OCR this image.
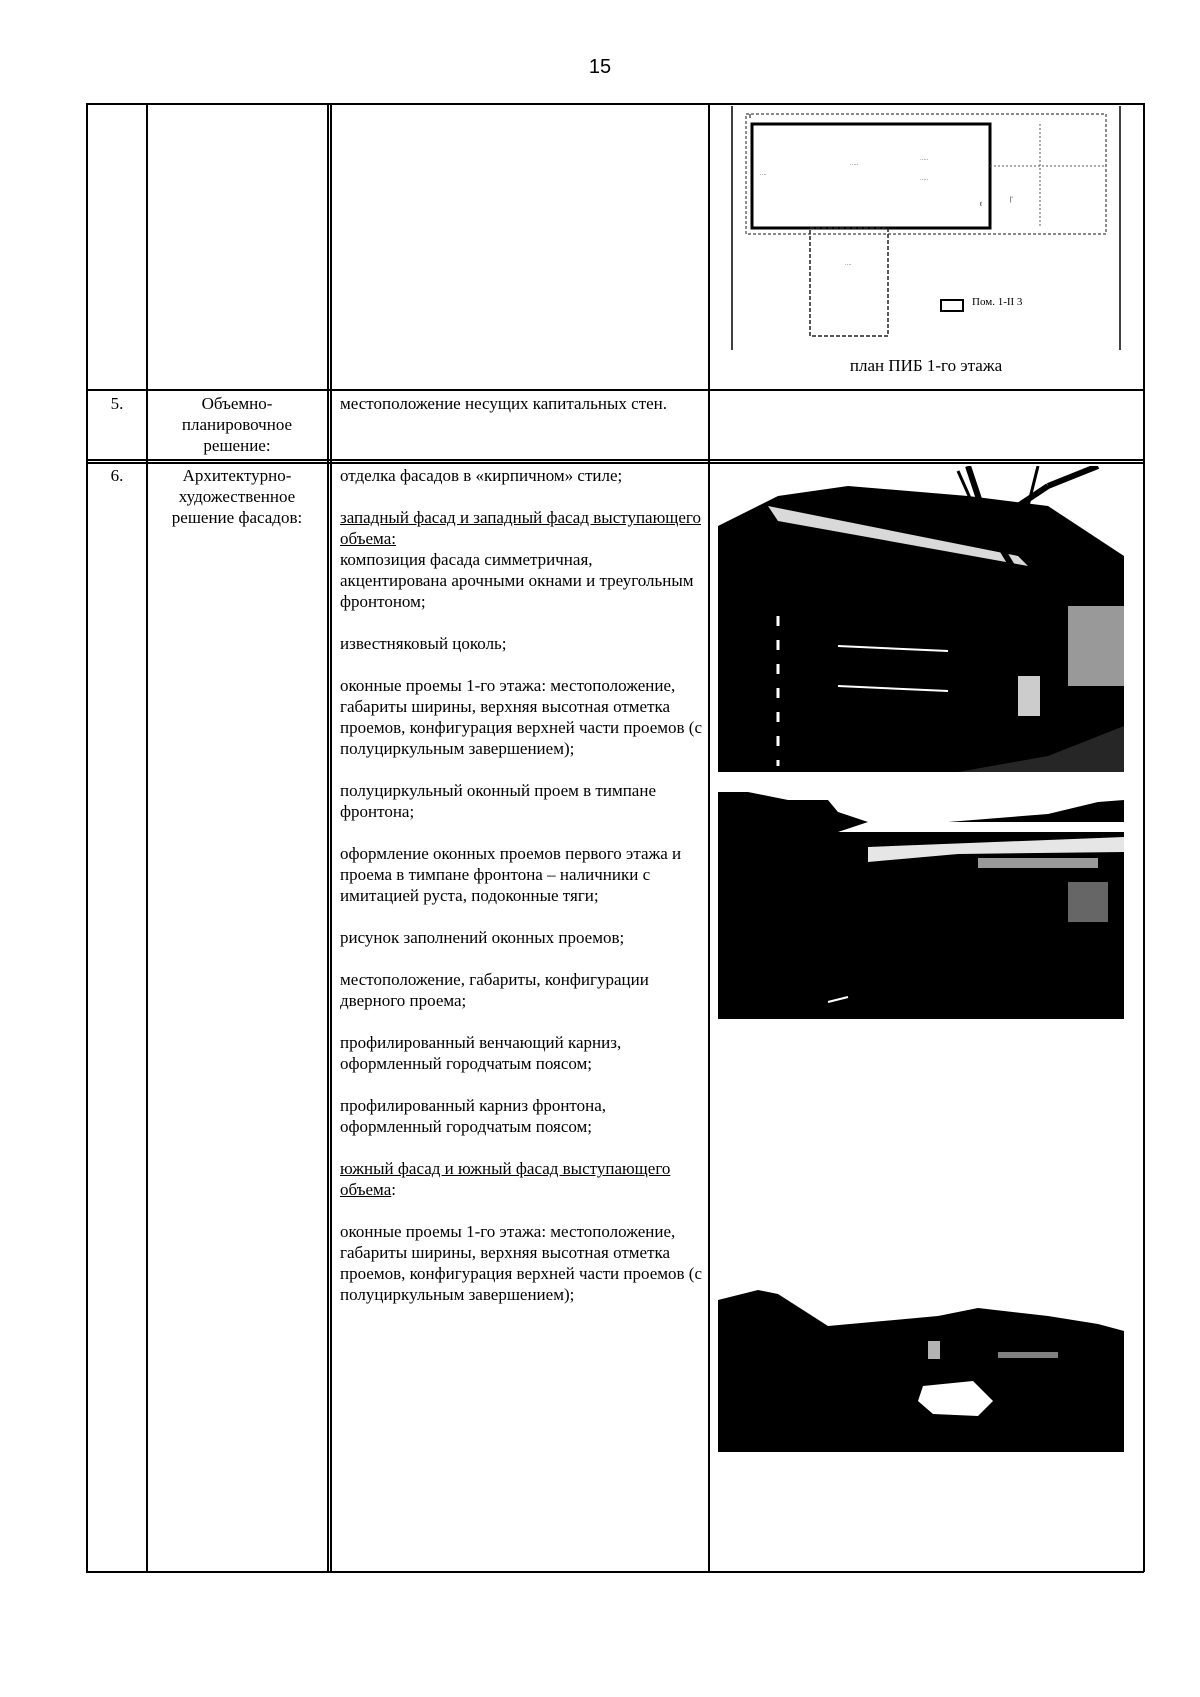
15
·····
·····
·····
····
····
ℓ
|'
Пом. 1-II 3
план ПИБ 1-го этажа
5.	Объемно-планировочное решение:
местоположение несущих капитальных стен.
6.	Архитектурно-художественное решение фасадов:
отделка фасадов в «кирпичном» стиле;
западный фасад и западный фасад выступающего объема:
композиция фасада симметричная, акцентирована арочными окнами и треугольным фронтоном;
известняковый цоколь;
оконные проемы 1-го этажа: местоположение, габариты ширины, верхняя высотная отметка проемов, конфигурация верхней части проемов (с полуциркульным завершением);
полуциркульный оконный проем в тимпане фронтона;
оформление оконных проемов первого этажа и проема в тимпане фронтона – наличники с имитацией руста, подоконные тяги;
рисунок заполнений оконных проемов;
местоположение, габариты, конфигурации дверного проема;
профилированный венчающий карниз, оформленный городчатым поясом;
профилированный карниз фронтона, оформленный городчатым поясом;
южный фасад и южный фасад выступающего объема:
оконные проемы 1-го этажа: местоположение, габариты ширины, верхняя высотная отметка проемов, конфигурация верхней части проемов (с полуциркульным завершением);
